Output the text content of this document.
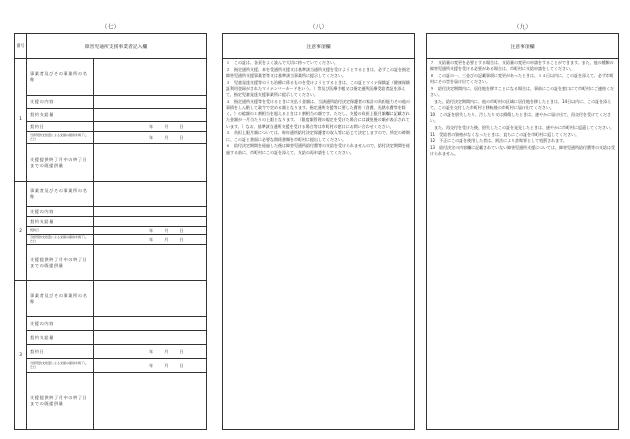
（七）	（八）	（九）
番号	障害児通所支援事業者記入欄
1
事業者及びその事業所の名称
支援の内容
契約支給量
契約日	年	月	日
当該契約支給量による支援の提供を終了した日	年	月	日
支援提供終了月中の終了日までの既提供量
2
事業者及びその事業所の名称
支援の内容
契約支給量
契約日	年	月	日
当該契約支給量による支援の提供を終了した日	年	月	日
支援提供終了月中の終了日までの既提供量
3
事業者及びその事業所の名称
支援の内容
契約支給量
契約日	年	月	日
当該契約支給量による支援の提供を終了した日	年	月	日
支援提供終了月中の終了日までの既提供量
注意事項欄

１　この証は、各頁をよく読んで大切に持っていてください。

２　指定通所支援、本を受通所支援又は基準該当通所支援を受けようとするときは、必ずこの証を指定障害児通所支援事業者等又は基準該当事業所に提示してください。

３　児童発達支援等のうち治療に係るものを受けようとするときは、この証とマイナ保険証（健康保険証利用登録がされたマイナンバーカードをいう。）等及び医療手帳又は指定通所医療受給者証を添えて、指定児童発達支援事業所に提示してください。

４　指定通所支援等を受けるときに支払う金額は、当該通所給付決定保護者の家計の負担能力その他の事情をしん酌して政令で定める額となります。指定通所支援等に要した費用（食費、光熱水費等を除く。）の総額の１割相当を超えるときは１割相当の額です。ただし、支援の負担上限月額欄に記載された金額が一月当たりの上限となります。（限度額管理の規定を受けた場合には減免後の額が表示されています。）なお、基準該当通所支援を受ける場合等は市町村の窓口にお問い合わせください。

５　負担上限月額については、毎年通所給付決定保護者の収入等に応じて決定しますので、所定の時期に、この証と書面に必要な関係書類を市町村に提出してください。

６　給付決定期間を経過した後は障害児通所給付費等の支給を受けられませんので、給付決定期間を経過する前に、市町村にこの証を添えて、支給の再申請をしてください。

注意事項欄

７　支給量の変更を必要とする場合は、支給量の変更の申請をすることができます。また、他の種類の障害児通所支援を受ける必要がある場合は、市町村に支給申請をしてください。

８　この証の一、三並びの記載事項に変更があったときは、１４日以内に、この証を添えて、必ず市町村にその旨を届け出てください。

９　給付決定期間内に、居住地を移すことになる場合は、事前にこの証を窓口にて市町村にご連絡ください。

　また、給付決定期間内に、他の市町村の区域に居住地を移したときは、14日以内に、この証を添えて、この証を交付した市町村と移転後の市町村に届け出てください。

10　この証を紛失したり、汚したり又は損傷したときは、速やかに届け出て、再交付を受けてください。

　また、再交付を受けた後、紛失したこの証を発見したときは、速やかに市町村に返還してください。

11　受給者の資格がなくなったときは、直ちにこの証を市町村に返してください。

12　不正にこの証を使用した者は、刑法により詐欺罪として処罰されます。

13　給付決定の内容欄に記載されていない障害児通所支援については、障害児通所給付費等の支給は受けられません。
